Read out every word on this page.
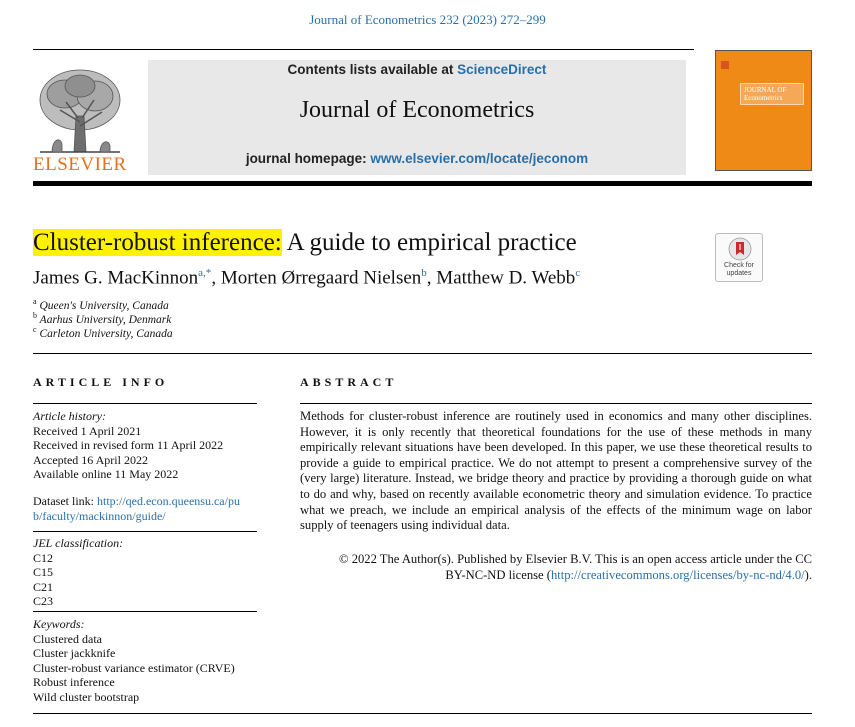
Journal of Econometrics 232 (2023) 272–299
ELSEVIER
Contents lists available at ScienceDirect
Journal of Econometrics
journal homepage: www.elsevier.com/locate/jeconom
JOURNAL OF Econometrics
Cluster-robust inference: A guide to empirical practice
Check for updates
James G. MacKinnon$^{a,*}$, Morten Ørregaard Nielsen$^b$, Matthew D. Webb$^c$
$^a$ Queen's University, Canada
$^b$ Aarhus University, Denmark
$^c$ Carleton University, Canada
ARTICLE INFO	ABSTRACT
Article history:
Received 1 April 2021
Received in revised form 11 April 2022
Accepted 16 April 2022
Available online 11 May 2022
Dataset link: http://qed.econ.queensu.ca/pu
b/faculty/mackinnon/guide/
JEL classification:
C12
C15
C21
C23
Keywords:
Clustered data
Cluster jackknife
Cluster-robust variance estimator (CRVE)
Robust inference
Wild cluster bootstrap
Methods for cluster-robust inference are routinely used in economics and many other disciplines. However, it is only recently that theoretical foundations for the use of these methods in many empirically relevant situations have been developed. In this paper, we use these theoretical results to provide a guide to empirical practice. We do not attempt to present a comprehensive survey of the (very large) literature. Instead, we bridge theory and practice by providing a thorough guide on what to do and why, based on recently available econometric theory and simulation evidence. To practice what we preach, we include an empirical analysis of the effects of the minimum wage on labor supply of teenagers using individual data.
© 2022 The Author(s). Published by Elsevier B.V. This is an open access article under the CC
BY-NC-ND license (http://creativecommons.org/licenses/by-nc-nd/4.0/).
